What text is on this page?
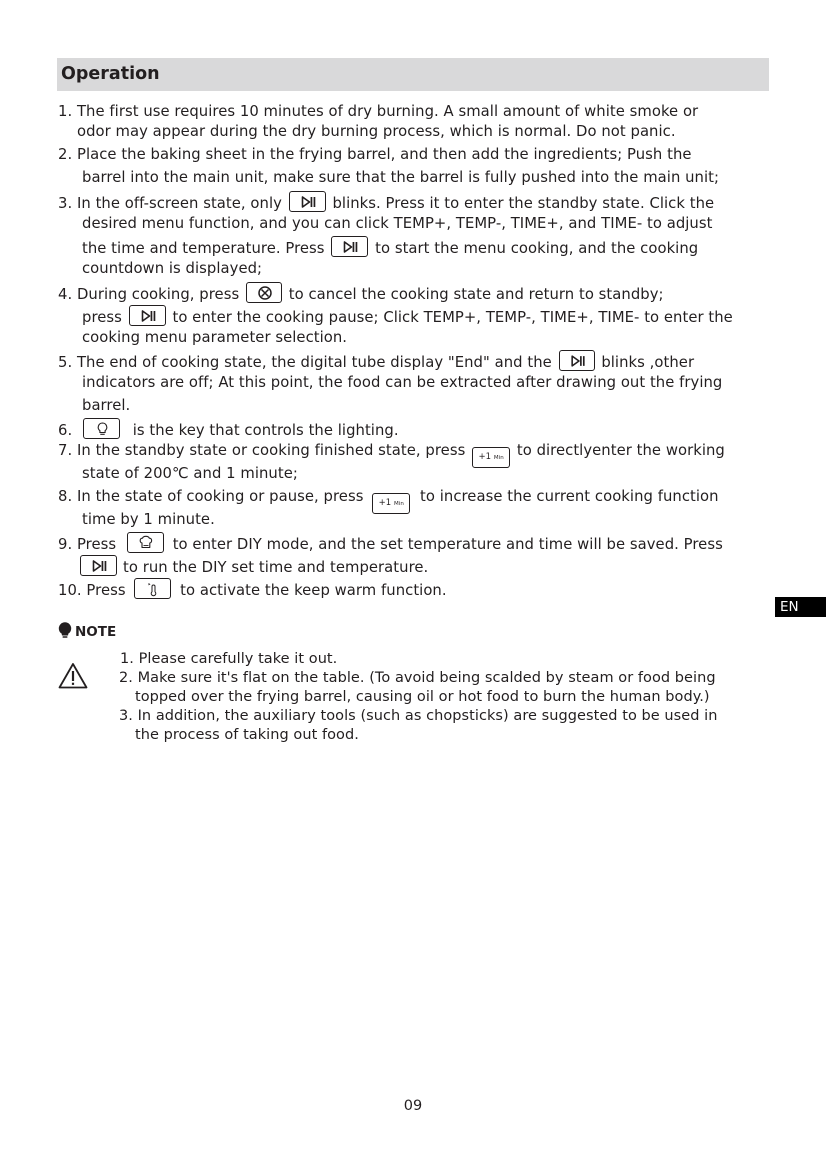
Operation
1. The first use requires 10 minutes of dry burning. A small amount of white smoke or
odor may appear during the dry burning process, which is normal. Do not panic.
2. Place the baking sheet in the frying barrel, and then add the ingredients; Push the
barrel into the main unit, make sure that the barrel is fully pushed into the main unit;
3. In the off-screen state, only	blinks. Press it to enter the standby state. Click the
desired menu function, and you can click TEMP+, TEMP-, TIME+, and TIME- to adjust
the time and temperature. Press	to start the menu cooking, and the cooking
countdown is displayed;
4. During cooking, press	to cancel the cooking state and return to standby;
press	to enter the cooking pause; Click TEMP+, TEMP-, TIME+, TIME- to enter the
cooking menu parameter selection.
5. The end of cooking state, the digital tube display "End" and the	blinks ,other
indicators are off; At this point, the food can be extracted after drawing out the frying
barrel.
6.	is the key that controls the lighting.
7. In the standby state or cooking finished state, press	+1 Min to directlyenter the working
state of 200℃ and 1 minute;
8. In the state of cooking or pause, press	+1 Min	to increase the current cooking function
time by 1 minute.
9. Press	to enter DIY mode, and the set temperature and time will be saved. Press
to run the DIY set time and temperature.
10. Press	to activate the keep warm function.
EN
NOTE
1. Please carefully take it out.
2. Make sure it's flat on the table. (To avoid being scalded by steam or food being
topped over the frying barrel, causing oil or hot food to burn the human body.)
3. In addition, the auxiliary tools (such as chopsticks) are suggested to be used in
the process of taking out food.
09
